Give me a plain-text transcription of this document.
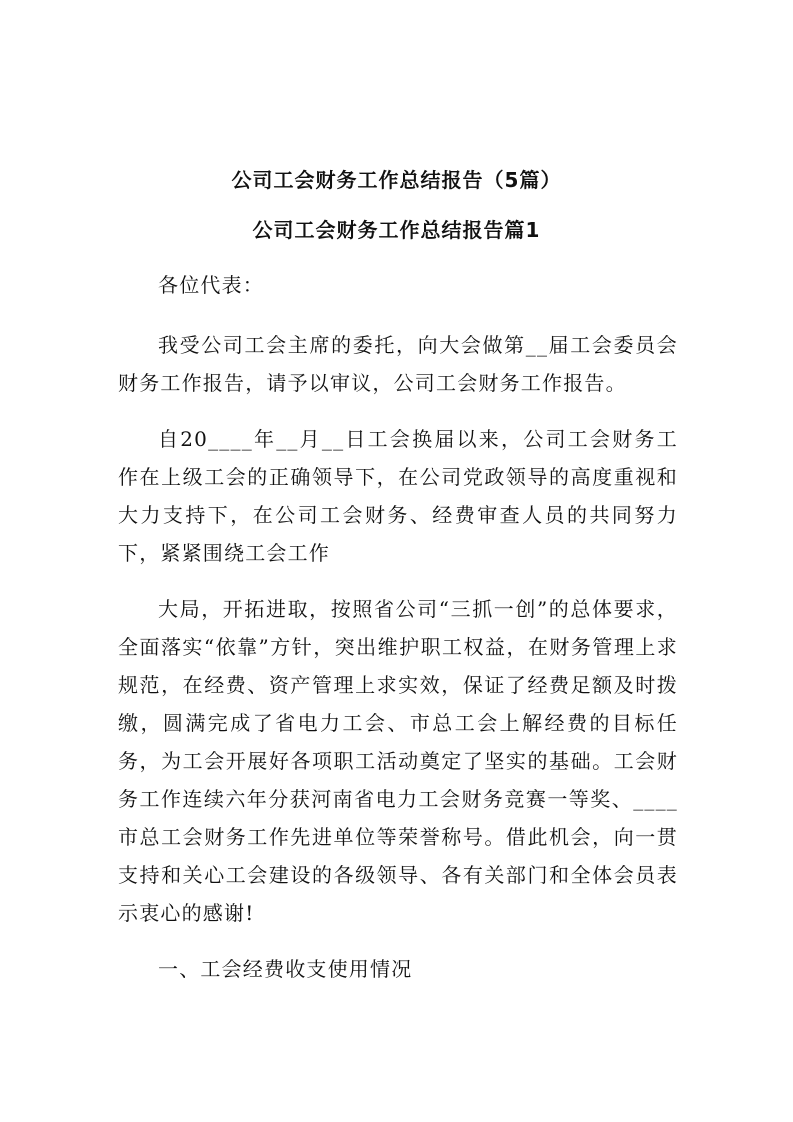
公司工会财务工作总结报告（5篇）
公司工会财务工作总结报告篇1

各位代表：

我受公司工会主席的委托，向大会做第__届工会委员会财务工作报告，请予以审议，公司工会财务工作报告。

自20____年__月__日工会换届以来，公司工会财务工作在上级工会的正确领导下，在公司党政领导的高度重视和大力支持下，在公司工会财务、经费审查人员的共同努力下，紧紧围绕工会工作

大局，开拓进取，按照省公司“三抓一创”的总体要求，全面落实“依靠”方针，突出维护职工权益，在财务管理上求规范，在经费、资产管理上求实效，保证了经费足额及时拨缴，圆满完成了省电力工会、市总工会上解经费的目标任务，为工会开展好各项职工活动奠定了坚实的基础。工会财务工作连续六年分获河南省电力工会财务竞赛一等奖、____市总工会财务工作先进单位等荣誉称号。借此机会，向一贯支持和关心工会建设的各级领导、各有关部门和全体会员表示衷心的感谢!

一、工会经费收支使用情况
